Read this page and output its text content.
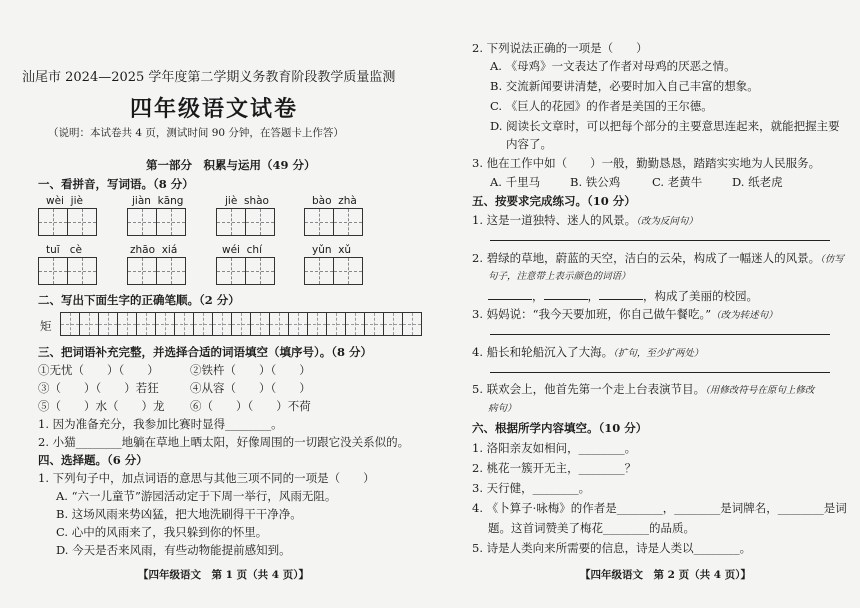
汕尾市 2024—2025 学年度第二学期义务教育阶段教学质量监测
四年级语文试卷
（说明：本试卷共 4 页，测试时间 90 分钟，在答题卡上作答）
第一部分　积累与运用（49 分）
一、看拼音，写词语。（8 分）
wèi jiè	jiàn kāng	jiè shào	bào zhà
tuī cè	zhāo xiá	wéi chí	yǔn xǔ
二、写出下面生字的正确笔顺。（2 分）
矩
三、把词语补充完整，并选择合适的词语填空（填序号）。（8 分）
①无忧（　　）（　　）	②铁杵（　　）（　　）
③（　　）（　　）若狂	④从容（　　）（　　）
⑤（　　）水（　　）龙 ⑥（　　）（　　）不荷
1. 因为准备充分，我参加比赛时显得________。
2. 小猫________地躺在草地上晒太阳，好像周围的一切跟它没关系似的。
四、选择题。（6 分）
1. 下列句子中，加点词语的意思与其他三项不同的一项是（　　）
A. “六一儿童节”游园活动定于下周一举行，风雨无阻。
B. 这场风雨来势凶猛，把大地洗刷得干干净净。
C. 心中的风雨来了，我只躲到你的怀里。
D. 今天是否来风雨，有些动物能提前感知到。
【四年级语文　第 1 页（共 4 页）】
2. 下列说法正确的一项是（　　）
A. 《母鸡》一文表达了作者对母鸡的厌恶之情。
B. 交流新闻要讲清楚，必要时加入自己丰富的想象。
C. 《巨人的花园》的作者是美国的王尔德。
D. 阅读长文章时，可以把每个部分的主要意思连起来，就能把握主要
内容了。
3. 他在工作中如（　　）一般，勤勤恳恳，踏踏实实地为人民服务。
A. 千里马	B. 铁公鸡	C. 老黄牛	D. 纸老虎
五、按要求完成练习。（10 分）
1. 这是一道独特、迷人的风景。（改为反问句）
2. 碧绿的草地，蔚蓝的天空，洁白的云朵，构成了一幅迷人的风景。（仿写
句子，注意带上表示颜色的词语）
，	，	，构成了美丽的校园。
3. 妈妈说：“我今天要加班，你自己做午餐吃。”（改为转述句）
4. 船长和轮船沉入了大海。（扩句，至少扩两处）
5. 联欢会上，他首先第一个走上台表演节目。（用修改符号在原句上修改
病句）
六、根据所学内容填空。（10 分）
1. 洛阳亲友如相问，________。
2. 桃花一簇开无主，________？
3. 天行健，________。
4. 《卜算子·咏梅》的作者是________，________是词牌名，________是词
题。这首词赞美了梅花________的品质。
5. 诗是人类向来所需要的信息，诗是人类以________。
【四年级语文　第 2 页（共 4 页）】
